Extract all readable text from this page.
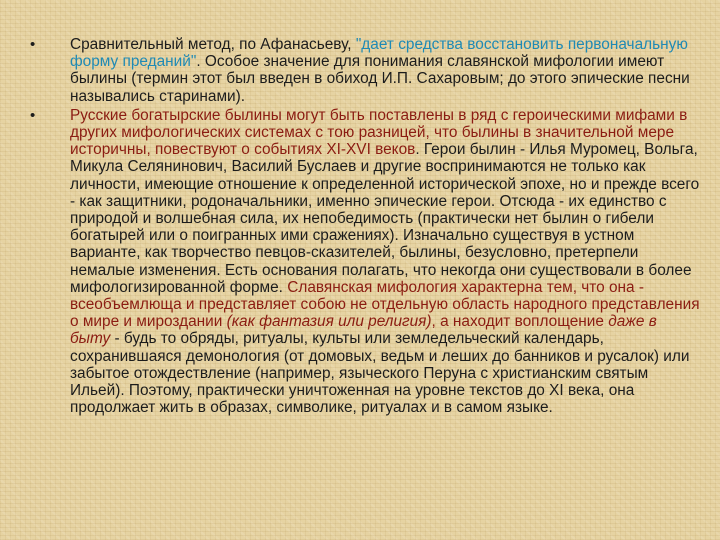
• Сравнительный метод, по Афанасьеву, "дает средства восстановить первоначальную форму преданий". Особое значение для понимания славянской мифологии имеют былины (термин этот был введен в обиход И.П. Сахаровым; до этого эпические песни назывались старинами).
• Русские богатырские былины могут быть поставлены в ряд с героическими мифами в других мифологических системах с тою разницей, что былины в значительной мере историчны, повествуют о событиях XI-XVI веков. Герои былин - Илья Муромец, Вольга, Микула Селянинович, Василий Буслаев и другие воспринимаются не только как личности, имеющие отношение к определенной исторической эпохе, но и прежде всего - как защитники, родоначальники, именно эпические герои. Отсюда - их единство с природой и волшебная сила, их непобедимость (практически нет былин о гибели богатырей или о поигранных ими сражениях). Изначально существуя в устном варианте, как творчество певцов-сказителей, былины, безусловно, претерпели немалые изменения. Есть основания полагать, что некогда они существовали в более мифологизированной форме. Славянская мифология характерна тем, что она - всеобъемлюща и представляет собою не отдельную область народного представления о мире и мироздании (как фантазия или религия), а находит воплощение даже в быту - будь то обряды, ритуалы, культы или земледельческий календарь, сохранившаяся демонология (от домовых, ведьм и леших до банников и русалок) или забытое отождествление (например, языческого Перуна с христианским святым Ильей). Поэтому, практически уничтоженная на уровне текстов до XI века, она продолжает жить в образах, символике, ритуалах и в самом языке.
